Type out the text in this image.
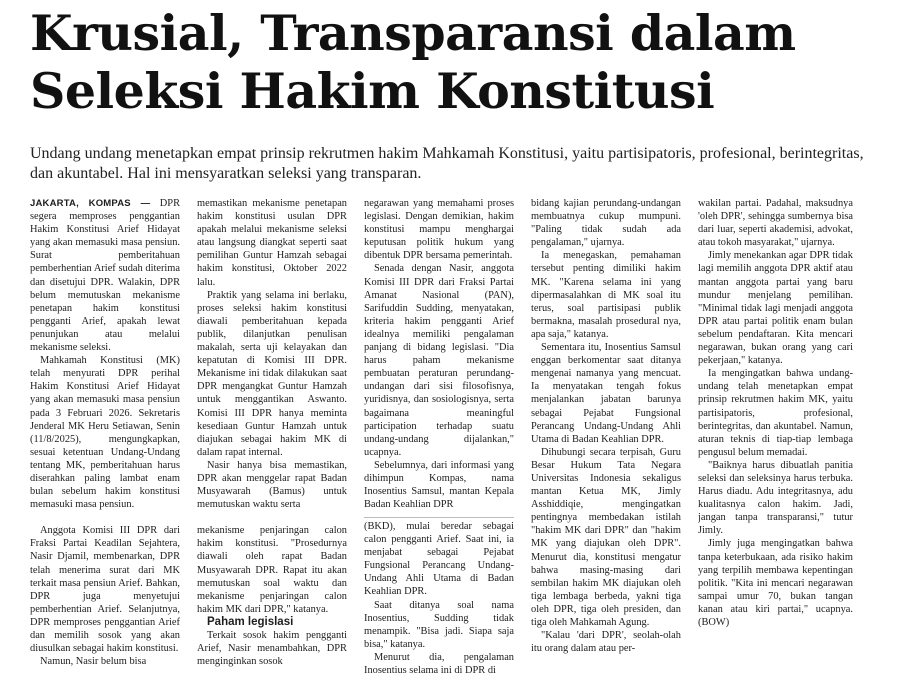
Krusial, Transparansi dalam Seleksi Hakim Konstitusi

Undang undang menetapkan empat prinsip rekrutmen hakim Mahkamah Konstitusi, yaitu partisipatoris, profesional, berintegritas, dan akuntabel. Hal ini mensyaratkan seleksi yang transparan.

JAKARTA, KOMPAS — DPR segera memproses penggantian Hakim Konstitusi Arief Hidayat yang akan memasuki masa pensiun. Surat pemberitahuan pemberhentian Arief sudah diterima dan disetujui DPR. Walakin, DPR belum memutuskan mekanisme penetapan hakim konstitusi pengganti Arief, apakah lewat penunjukan atau melalui mekanisme seleksi.

Mahkamah Konstitusi (MK) telah menyurati DPR perihal Hakim Konstitusi Arief Hidayat yang akan memasuki masa pensiun pada 3 Februari 2026. Sekretaris Jenderal MK Heru Setiawan, Senin (11/8/2025), mengungkapkan, sesuai ketentuan Undang-Undang tentang MK, pemberitahuan harus diserahkan paling lambat enam bulan sebelum hakim konstitusi memasuki masa pensiun.

Anggota Komisi III DPR dari Fraksi Partai Keadilan Sejahtera, Nasir Djamil, membenarkan, DPR telah menerima surat dari MK terkait masa pensiun Arief. Bahkan, DPR juga menyetujui pemberhentian Arief. Selanjutnya, DPR memproses penggantian Arief dan memilih sosok yang akan diusulkan sebagai hakim konstitusi.

Namun, Nasir belum bisa

memastikan mekanisme penetapan hakim konstitusi usulan DPR apakah melalui mekanisme seleksi atau langsung diangkat seperti saat pemilihan Guntur Hamzah sebagai hakim konstitusi, Oktober 2022 lalu.

Praktik yang selama ini berlaku, proses seleksi hakim konstitusi diawali pemberitahuan kepada publik, dilanjutkan penulisan makalah, serta uji kelayakan dan kepatutan di Komisi III DPR. Mekanisme ini tidak dilakukan saat DPR mengangkat Guntur Hamzah untuk menggantikan Aswanto. Komisi III DPR hanya meminta kesediaan Guntur Hamzah untuk diajukan sebagai hakim MK di dalam rapat internal.

Nasir hanya bisa memastikan, DPR akan menggelar rapat Badan Musyawarah (Bamus) untuk memutuskan waktu serta

mekanisme penjaringan calon hakim konstitusi. "Prosedurnya diawali oleh rapat Badan Musyawarah DPR. Rapat itu akan memutuskan soal waktu dan mekanisme penjaringan calon hakim MK dari DPR," katanya.

Paham legislasi

Terkait sosok hakim pengganti Arief, Nasir menambahkan, DPR menginginkan sosok

negarawan yang memahami proses legislasi. Dengan demikian, hakim konstitusi mampu menghargai keputusan politik hukum yang dibentuk DPR bersama pemerintah.

Senada dengan Nasir, anggota Komisi III DPR dari Fraksi Partai Amanat Nasional (PAN), Sarifuddin Sudding, menyatakan, kriteria hakim pengganti Arief idealnya memiliki pengalaman panjang di bidang legislasi. "Dia harus paham mekanisme pembuatan peraturan perundang-undangan dari sisi filosofisnya, yuridisnya, dan sosiologisnya, serta bagaimana meaningful participation terhadap suatu undang-undang dijalankan," ucapnya.

Sebelumnya, dari informasi yang dihimpun Kompas, nama Inosentius Samsul, mantan Kepala Badan Keahlian DPR

(BKD), mulai beredar sebagai calon pengganti Arief. Saat ini, ia menjabat sebagai Pejabat Fungsional Perancang Undang-Undang Ahli Utama di Badan Keahlian DPR.

Saat ditanya soal nama Inosentius, Sudding tidak menampik. "Bisa jadi. Siapa saja bisa," katanya.

Menurut dia, pengalaman Inosentius selama ini di DPR di

bidang kajian perundang-undangan membuatnya cukup mumpuni. "Paling tidak sudah ada pengalaman," ujarnya.

Ia menegaskan, pemahaman tersebut penting dimiliki hakim MK. "Karena selama ini yang dipermasalahkan di MK soal itu terus, soal partisipasi publik bermakna, masalah prosedural nya, apa saja," katanya.

Sementara itu, Inosentius Samsul enggan berkomentar saat ditanya mengenai namanya yang mencuat. Ia menyatakan tengah fokus menjalankan jabatan barunya sebagai Pejabat Fungsional Perancang Undang-Undang Ahli Utama di Badan Keahlian DPR.

Dihubungi secara terpisah, Guru Besar Hukum Tata Negara Universitas Indonesia sekaligus mantan Ketua MK, Jimly Asshiddiqie, mengingatkan pentingnya membedakan istilah "hakim MK dari DPR" dan "hakim MK yang diajukan oleh DPR". Menurut dia, konstitusi mengatur bahwa masing-masing dari sembilan hakim MK diajukan oleh tiga lembaga berbeda, yakni tiga oleh DPR, tiga oleh presiden, dan tiga oleh Mahkamah Agung.

"Kalau 'dari DPR', seolah-olah itu orang dalam atau per-

wakilan partai. Padahal, maksudnya 'oleh DPR', sehingga sumbernya bisa dari luar, seperti akademisi, advokat, atau tokoh masyarakat," ujarnya.

Jimly menekankan agar DPR tidak lagi memilih anggota DPR aktif atau mantan anggota partai yang baru mundur menjelang pemilihan. "Minimal tidak lagi menjadi anggota DPR atau partai politik enam bulan sebelum pendaftaran. Kita mencari negarawan, bukan orang yang cari pekerjaan," katanya.

Ia mengingatkan bahwa undang-undang telah menetapkan empat prinsip rekrutmen hakim MK, yaitu partisipatoris, profesional, berintegritas, dan akuntabel. Namun, aturan teknis di tiap-tiap lembaga pengusul belum memadai.

"Baiknya harus dibuatlah panitia seleksi dan seleksinya harus terbuka. Harus diadu. Adu integritasnya, adu kualitasnya calon hakim. Jadi, jangan tanpa transparansi," tutur Jimly.

Jimly juga mengingatkan bahwa tanpa keterbukaan, ada risiko hakim yang terpilih membawa kepentingan politik. "Kita ini mencari negarawan sampai umur 70, bukan tangan kanan atau kiri partai," ucapnya. (BOW)
